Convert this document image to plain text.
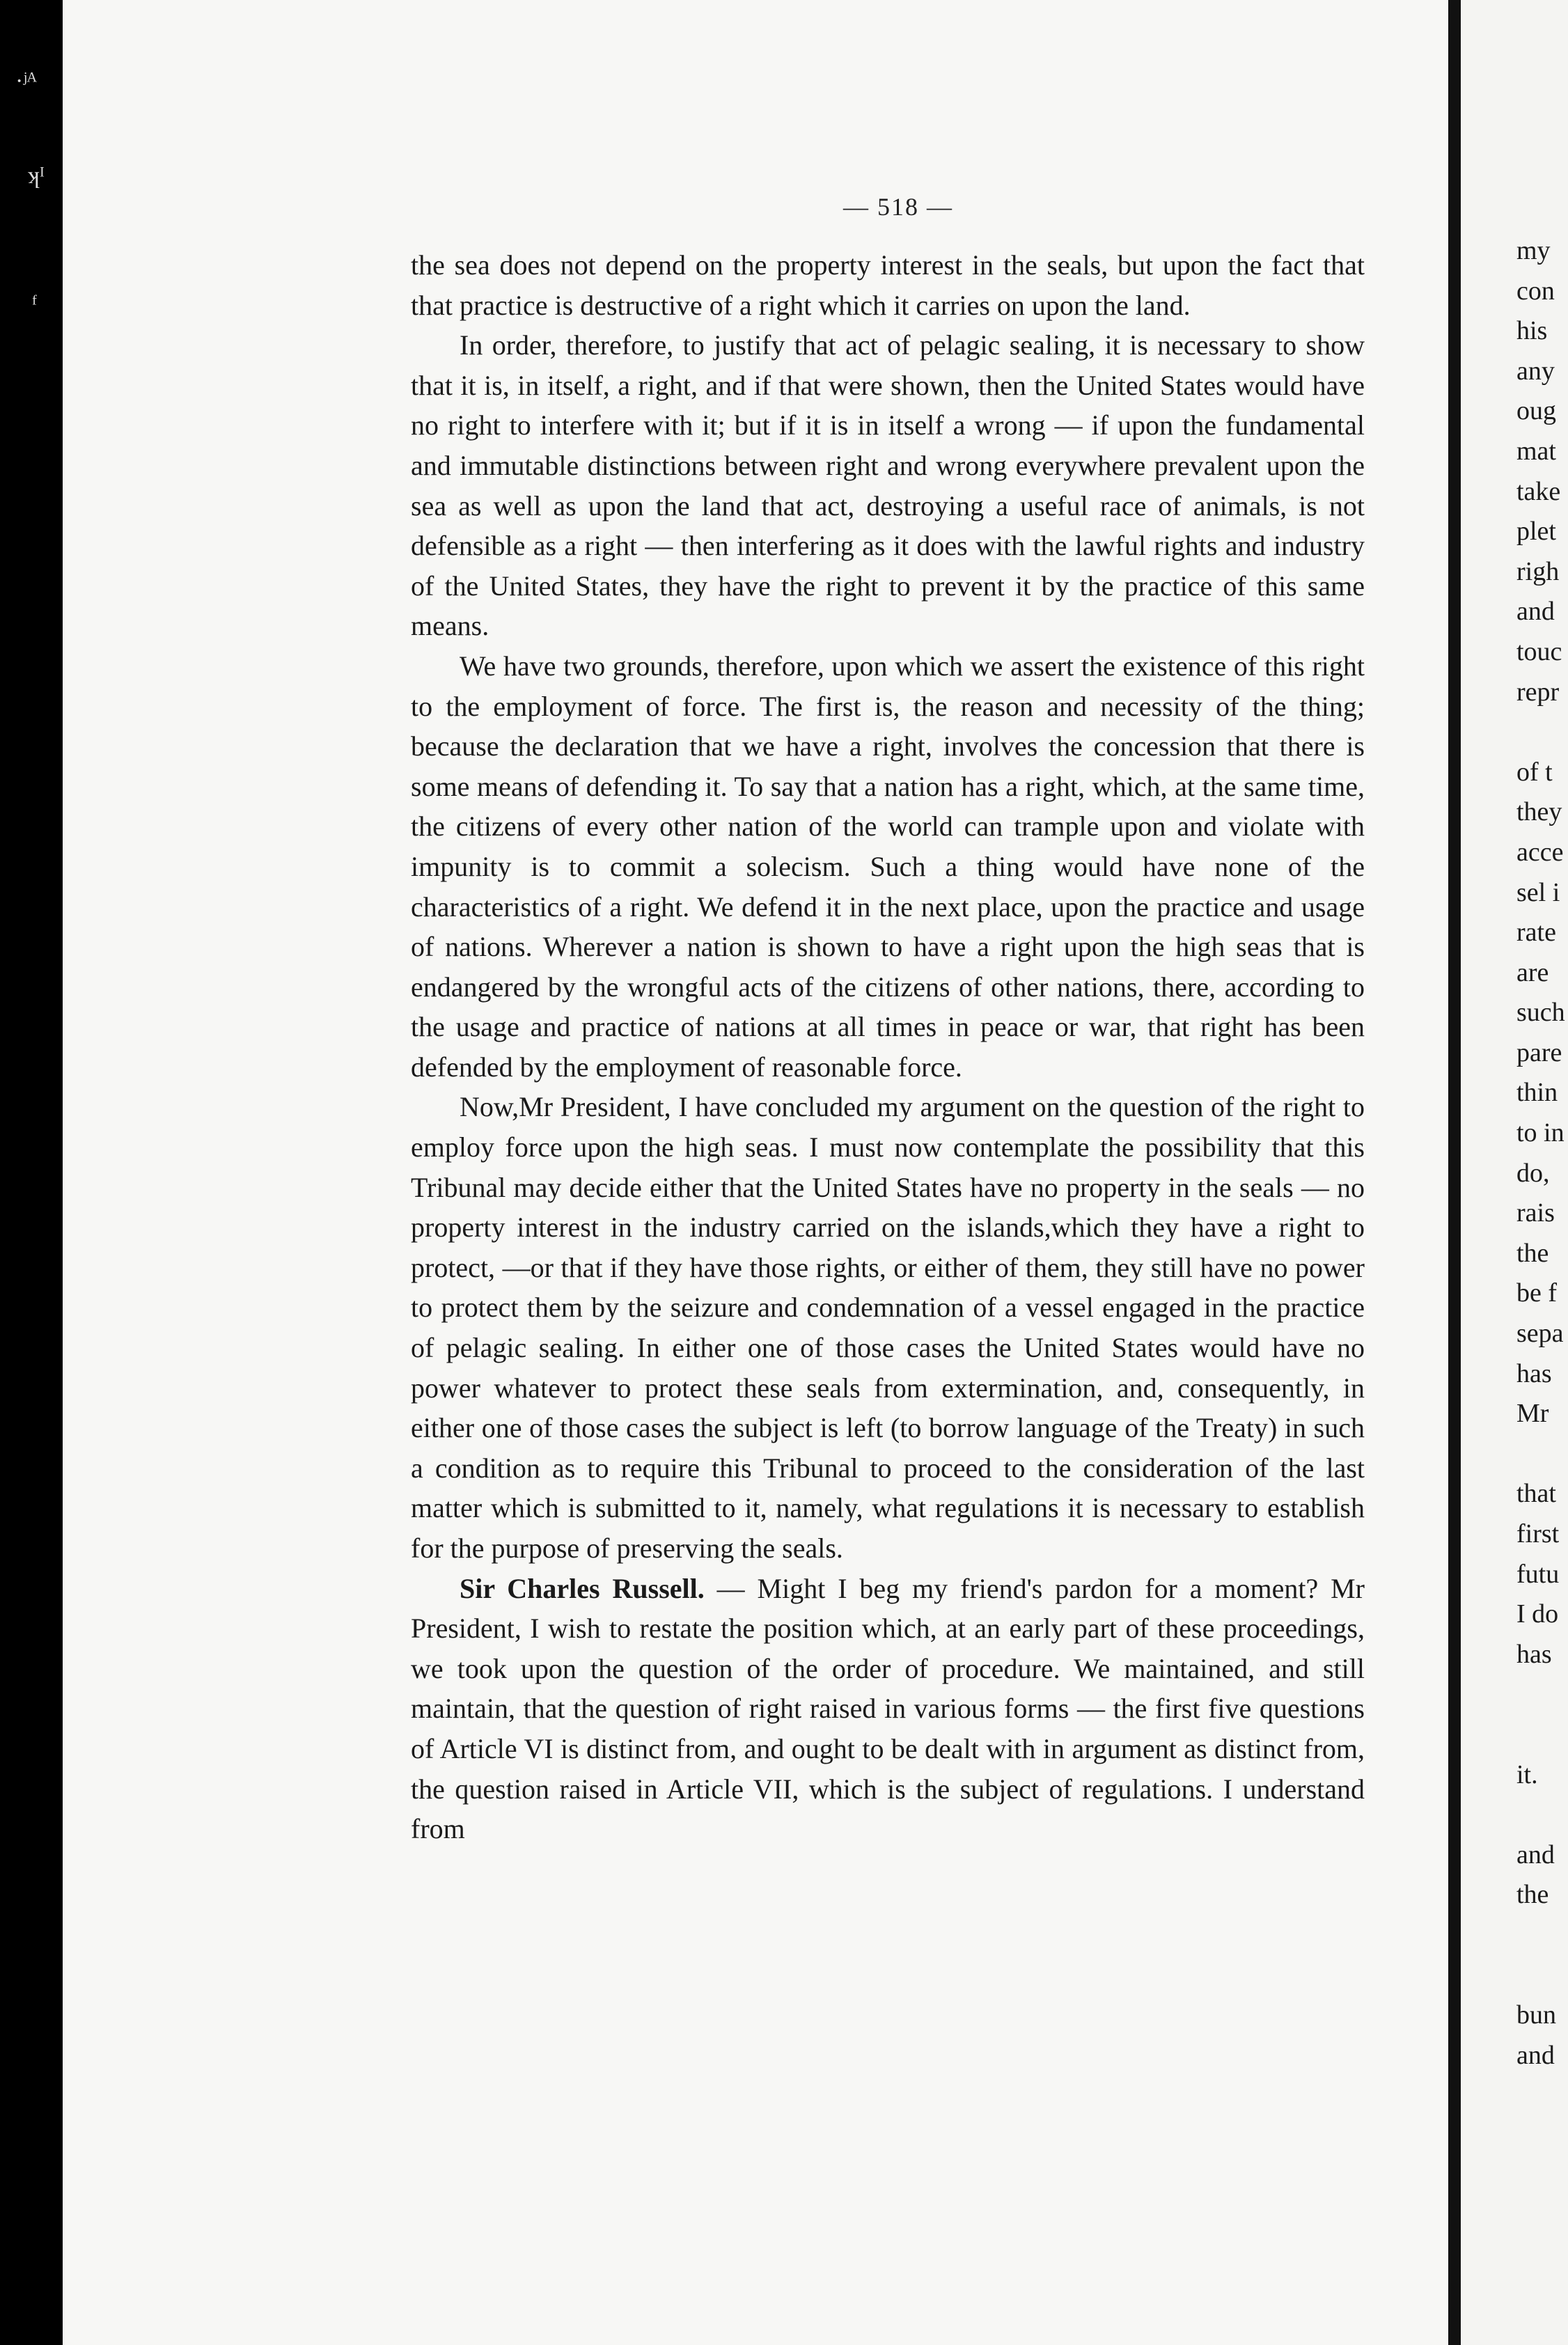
·ʲᴬ
ʞᴵ
ᶠ
— 518 —

the sea does not depend on the property interest in the seals, but upon the fact that that practice is destructive of a right which it carries on upon the land.

In order, therefore, to justify that act of pelagic sealing, it is necessary to show that it is, in itself, a right, and if that were shown, then the United States would have no right to interfere with it; but if it is in itself a wrong — if upon the fundamental and immutable distinctions between right and wrong everywhere prevalent upon the sea as well as upon the land that act, destroying a useful race of animals, is not defensible as a right — then interfering as it does with the lawful rights and industry of the United States, they have the right to prevent it by the practice of this same means.

We have two grounds, therefore, upon which we assert the existence of this right to the employment of force. The first is, the reason and necessity of the thing; because the declaration that we have a right, involves the concession that there is some means of defending it. To say that a nation has a right, which, at the same time, the citizens of every other nation of the world can trample upon and violate with impunity is to commit a solecism. Such a thing would have none of the characteristics of a right. We defend it in the next place, upon the practice and usage of nations. Wherever a nation is shown to have a right upon the high seas that is endangered by the wrongful acts of the citizens of other nations, there, according to the usage and practice of nations at all times in peace or war, that right has been defended by the employment of reasonable force.

Now,Mr President, I have concluded my argument on the question of the right to employ force upon the high seas. I must now contemplate the possibility that this Tribunal may decide either that the United States have no property in the seals — no property interest in the industry carried on the islands,which they have a right to protect, —or that if they have those rights, or either of them, they still have no power to protect them by the seizure and condemnation of a vessel engaged in the practice of pelagic sealing. In either one of those cases the United States would have no power whatever to protect these seals from extermination, and, consequently, in either one of those cases the subject is left (to borrow language of the Treaty) in such a condition as to require this Tribunal to proceed to the consideration of the last matter which is submitted to it, namely, what regulations it is necessary to establish for the purpose of preserving the seals.

Sir Charles Russell. — Might I beg my friend's pardon for a moment? Mr President, I wish to restate the position which, at an early part of these proceedings, we took upon the question of the order of procedure. We maintained, and still maintain, that the question of right raised in various forms — the first five questions of Article VI is distinct from, and ought to be dealt with in argument as distinct from, the question raised in Article VII, which is the subject of regulations. I understand from

my
con
his
any
oug
mat
take
plet
righ
and
touc
repr
of t
they
acce
sel i
rate
are
such
pare
thin
to in
do,
rais
the
be f
sepa
has
Mr
that
first
futu
I do
has
it.
and
the
bun
and
